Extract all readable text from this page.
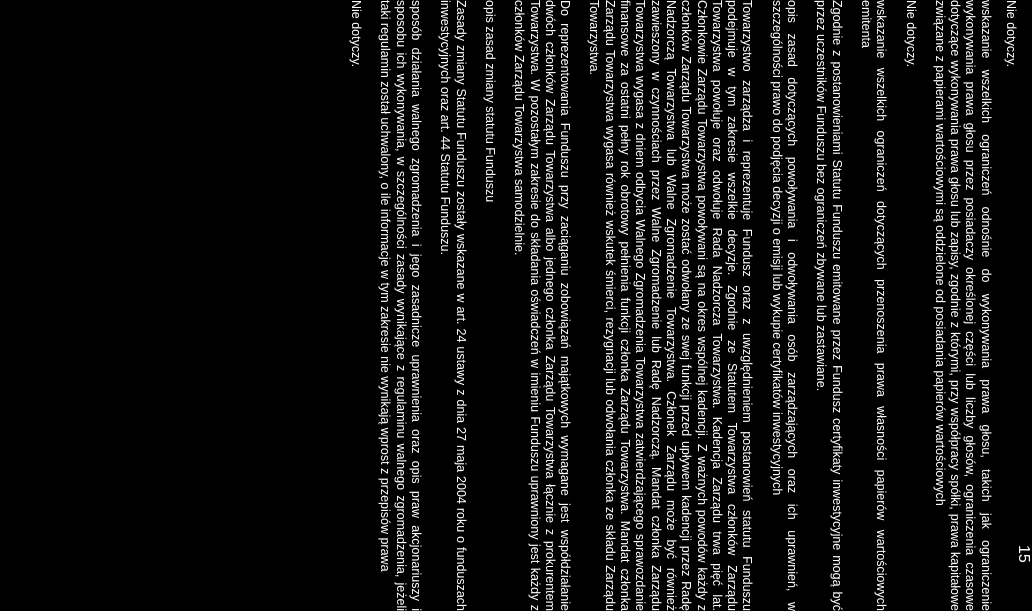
15

Nie dotyczy.

wskazanie wszelkich ograniczeń odnośnie do wykonywania prawa głosu, takich jak ograniczenie wykonywania prawa głosu przez posiadaczy określonej części lub liczby głosów, ograniczenia czasowe dotyczące wykonywania prawa głosu lub zapisy, zgodnie z którymi, przy współpracy spółki, prawa kapitałowe związane z papierami wartościowymi są oddzielone od posiadania papierów wartościowych

Nie dotyczy.

wskazanie wszelkich ograniczeń dotyczących przenoszenia prawa własności papierów wartościowych emitenta

Zgodnie z postanowieniami Statutu Funduszu emitowane przez Fundusz certyfikaty inwestycyjne mogą być przez uczestników Funduszu bez ograniczeń zbywane lub zastawiane.

opis zasad dotyczących powoływania i odwoływania osób zarządzających oraz ich uprawnień, w szczególności prawo do podjęcia decyzji o emisji lub wykupie certyfikatów inwestycyjnych

Towarzystwo zarządza i reprezentuje Fundusz oraz z uwzględnieniem postanowień statutu Funduszu podejmuje w tym zakresie wszelkie decyzje. Zgodnie ze Statutem Towarzystwa członków Zarządu Towarzystwa powołuje oraz odwołuje Rada Nadzorcza Towarzystwa. Kadencja Zarządu trwa pięć lat. Członkowie Zarządu Towarzystwa powoływani są na okres wspólnej kadencji. Z ważnych powodów każdy z członków Zarządu Towarzystwa może zostać odwołany ze swej funkcji przed upływem kadencji przez Radę Nadzorczą Towarzystwa lub Walne Zgromadzenie Towarzystwa. Członek Zarządu może być również zawieszony w czynnościach przez Walne Zgromadzenie lub Radę Nadzorczą. Mandat członka Zarządu Towarzystwa wygasa z dniem odbycia Walnego Zgromadzenia Towarzystwa zatwierdzającego sprawozdanie finansowe za ostatni pełny rok obrotowy pełnienia funkcji członka Zarządu Towarzystwa. Mandat członka Zarządu Towarzystwa wygasa również wskutek śmierci, rezygnacji lub odwołania członka ze składu Zarządu Towarzystwa.

Do reprezentowania Funduszu przy zaciąganiu zobowiązań majątkowych wymagane jest współdziałanie dwóch członków Zarządu Towarzystwa albo jednego członka Zarządu Towarzystwa łącznie z prokurentem Towarzystwa. W pozostałym zakresie do składania oświadczeń w imieniu Funduszu uprawniony jest każdy z członków Zarządu Towarzystwa samodzielnie.

opis zasad zmiany statutu Funduszu

Zasady zmiany Statutu Funduszu zostały wskazane w art. 24 ustawy z dnia 27 maja 2004 roku o funduszach inwestycyjnych oraz art. 44 Statutu Funduszu.

sposób działania walnego zgromadzenia i jego zasadnicze uprawnienia oraz opis praw akcjonariuszy i sposobu ich wykonywania, w szczególności zasady wynikające z regulaminu walnego zgromadzenia, jeżeli taki regulamin został uchwalony, o ile informacje w tym zakresie nie wynikają wprost z przepisów prawa

Nie dotyczy.
